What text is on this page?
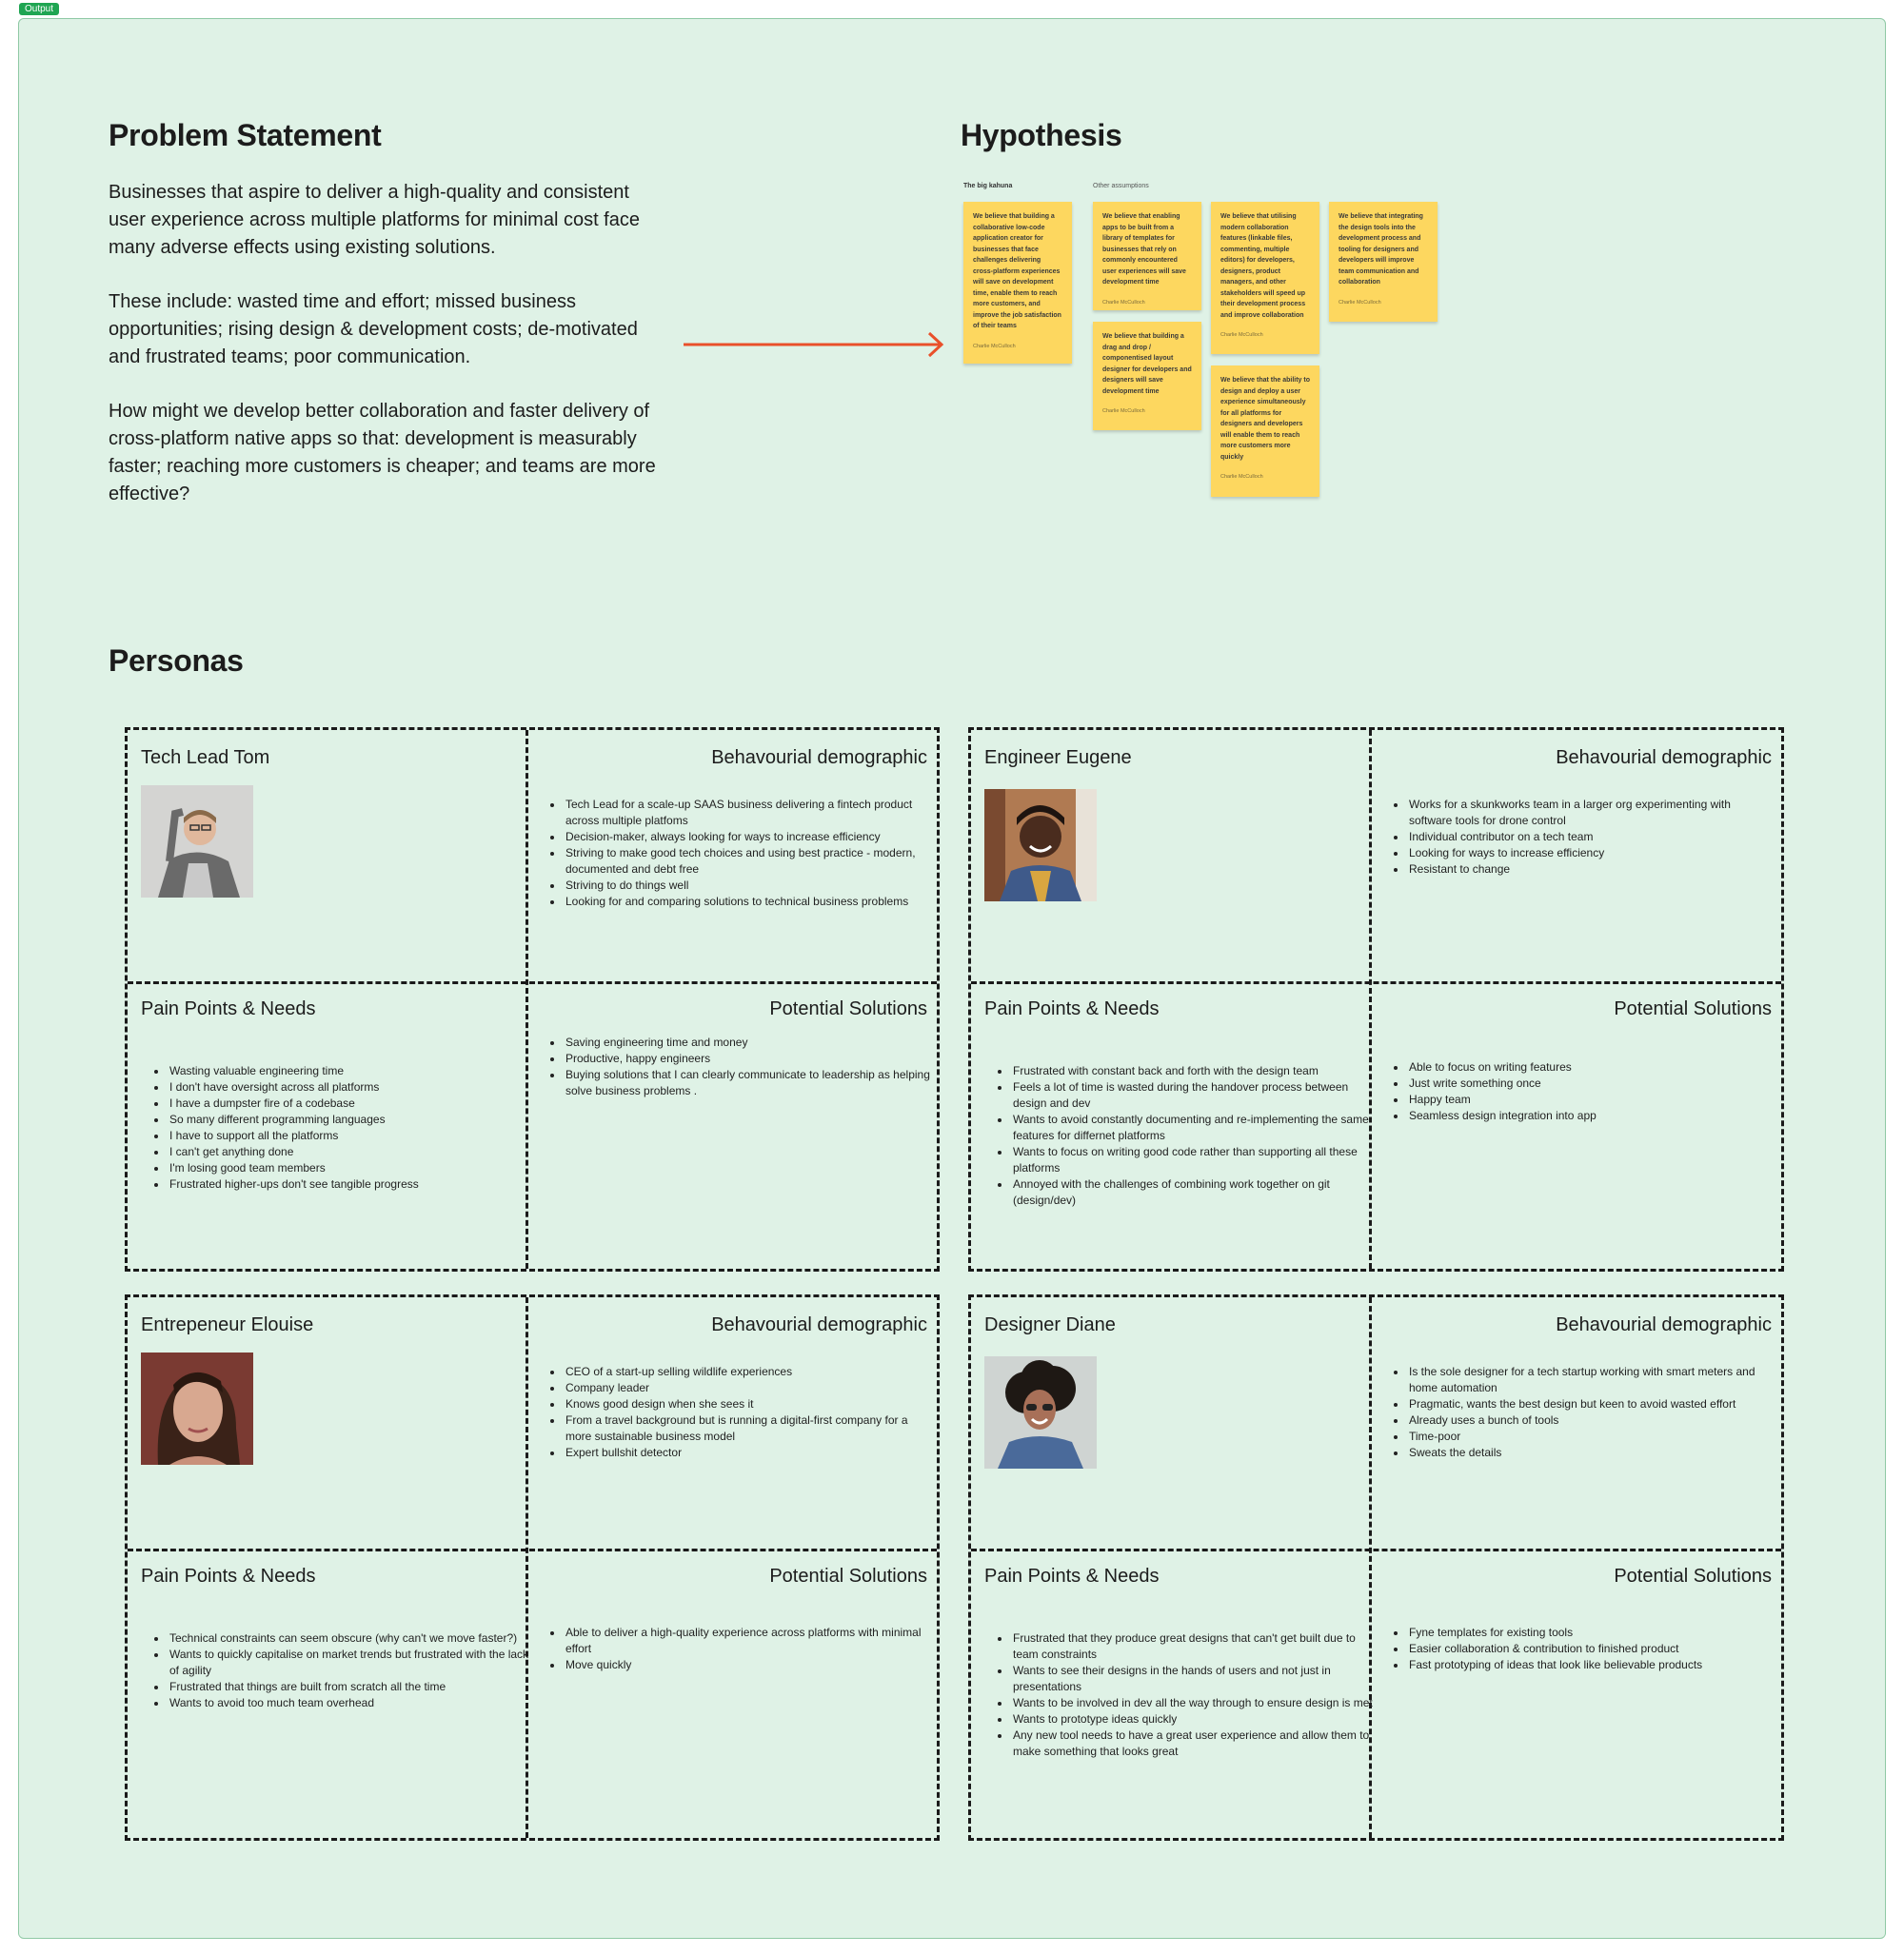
Output
Problem Statement

Businesses that aspire to deliver a high-quality and consistent user experience across multiple platforms for minimal cost face many adverse effects using existing solutions.

These include: wasted time and effort; missed business opportunities; rising design & development costs; de-motivated and frustrated teams; poor communication.

How might we develop better collaboration and faster delivery of cross-platform native apps so that: development is measurably faster; reaching more customers is cheaper; and teams are more effective?

Hypothesis
The big kahuna	Other assumptions
We believe that building a collaborative low-code application creator for businesses that face challenges delivering cross-platform experiences will save on development time, enable them to reach more customers, and improve the job satisfaction of their teams
Charlie McCulloch
We believe that enabling apps to be built from a library of templates for businesses that rely on commonly encountered user experiences will save development time
Charlie McCulloch
We believe that building a drag and drop / componentised layout designer for developers and designers will save development time
Charlie McCulloch
We believe that utilising modern collaboration features (linkable files, commenting, multiple editors) for developers, designers, product managers, and other stakeholders will speed up their development process and improve collaboration
Charlie McCulloch
We believe that the ability to design and deploy a user experience simultaneously for all platforms for designers and developers will enable them to reach more customers more quickly
Charlie McCulloch
We believe that integrating the design tools into the development process and tooling for designers and developers will improve team communication and collaboration
Charlie McCulloch
Personas
Tech Lead Tom	Behavourial demographic
• Tech Lead for a scale-up SAAS business delivering a fintech product across multiple platfoms
• Decision-maker, always looking for ways to increase efficiency
• Striving to make good tech choices and using best practice - modern, documented and debt free
• Striving to do things well
• Looking for and comparing solutions to technical business problems
Pain Points & Needs
• Wasting valuable engineering time
• I don't have oversight across all platforms
• I have a dumpster fire of a codebase
• So many different programming languages
• I have to support all the platforms
• I can't get anything done
• I'm losing good team members
• Frustrated higher-ups don't see tangible progress
Potential Solutions
• Saving engineering time and money
• Productive, happy engineers
• Buying solutions that I can clearly communicate to leadership as helping solve business problems .
Engineer Eugene	Behavourial demographic
• Works for a skunkworks team in a larger org experimenting with software tools for drone control
• Individual contributor on a tech team
• Looking for ways to increase efficiency
• Resistant to change
Pain Points & Needs
• Frustrated with constant back and forth with the design team
• Feels a lot of time is wasted during the handover process between design and dev
• Wants to avoid constantly documenting and re-implementing the same features for differnet platforms
• Wants to focus on writing good code rather than supporting all these platforms
• Annoyed with the challenges of combining work together on git (design/dev)
Potential Solutions
• Able to focus on writing features
• Just write something once
• Happy team
• Seamless design integration into app
Entrepeneur Elouise	Behavourial demographic
• CEO of a start-up selling wildlife experiences
• Company leader
• Knows good design when she sees it
• From a travel background but is running a digital-first company for a more sustainable business model
• Expert bullshit detector
Pain Points & Needs
• Technical constraints can seem obscure (why can't we move faster?)
• Wants to quickly capitalise on market trends but frustrated with the lack of agility
• Frustrated that things are built from scratch all the time
• Wants to avoid too much team overhead
Potential Solutions
• Able to deliver a high-quality experience across platforms with minimal effort
• Move quickly
Designer Diane	Behavourial demographic
• Is the sole designer for a tech startup working with smart meters and home automation
• Pragmatic, wants the best design but keen to avoid wasted effort
• Already uses a bunch of tools
• Time-poor
• Sweats the details
Pain Points & Needs
• Frustrated that they produce great designs that can't get built due to team constraints
• Wants to see their designs in the hands of users and not just in presentations
• Wants to be involved in dev all the way through to ensure design is met
• Wants to prototype ideas quickly
• Any new tool needs to have a great user experience and allow them to make something that looks great
Potential Solutions
• Fyne templates for existing tools
• Easier collaboration & contribution to finished product
• Fast prototyping of ideas that look like believable products
